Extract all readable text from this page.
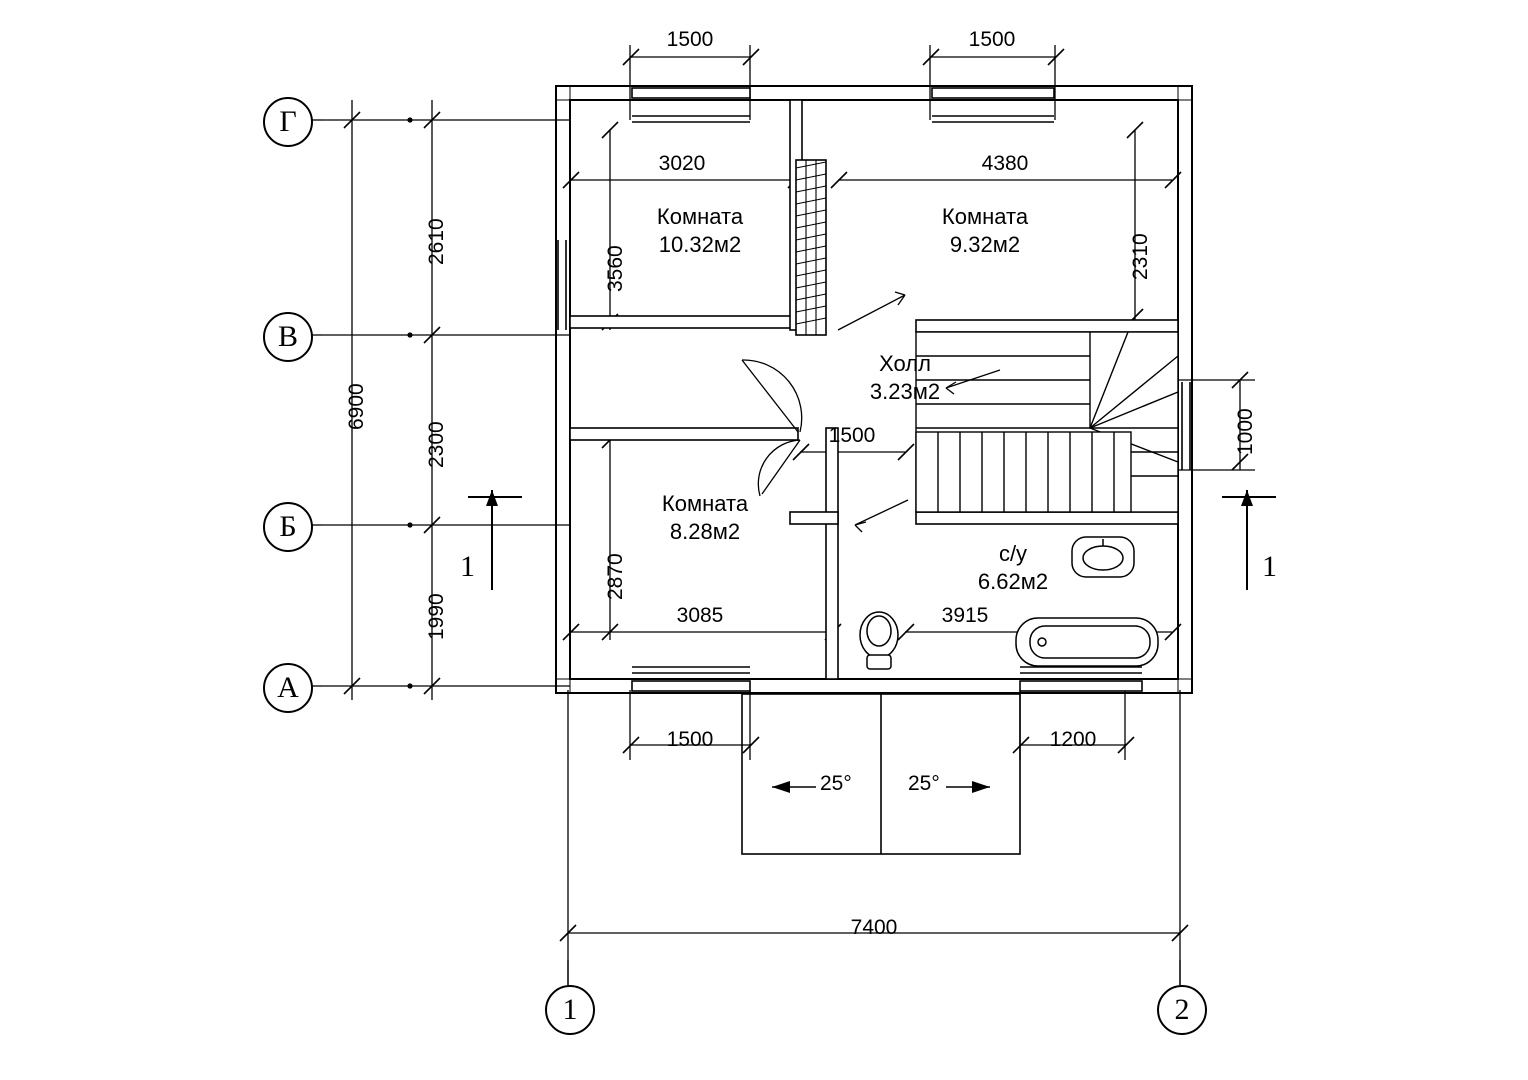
Г
В
Б
А
1	2
1	1
1500	1500
3020	4380
1500	1200
7400
1500
3085	3915
2610
2300
1990
6900
3560	2310
1000
2870
Комната
10.32м2
Комната
9.32м2
Холл
3.23м2
Комната
8.28м2
с/у
6.62м2
25°	25°
